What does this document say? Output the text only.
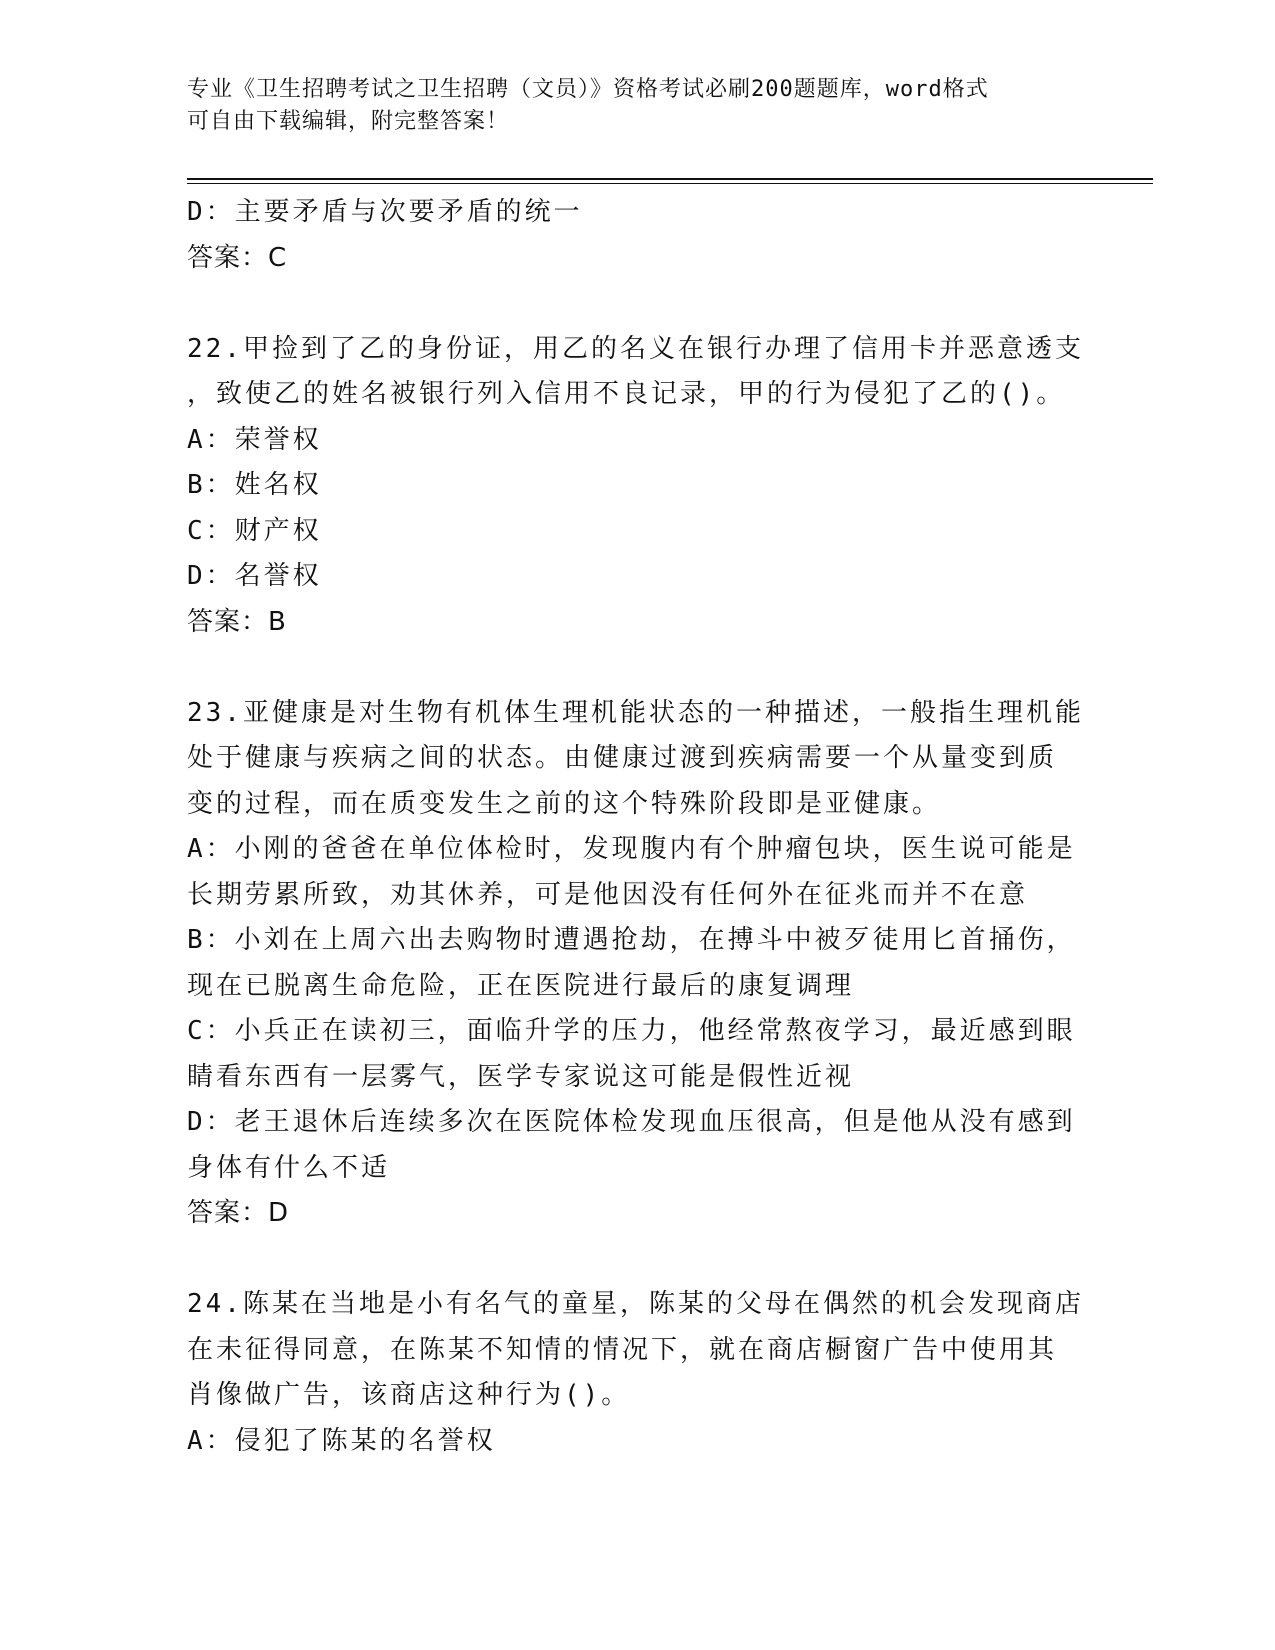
专业《卫生招聘考试之卫生招聘（文员）》资格考试必刷200题题库，word格式
可自由下载编辑，附完整答案！
D：主要矛盾与次要矛盾的统一
答案：C
22.甲捡到了乙的身份证，用乙的名义在银行办理了信用卡并恶意透支
，致使乙的姓名被银行列入信用不良记录，甲的行为侵犯了乙的()。
A：荣誉权
B：姓名权
C：财产权
D：名誉权
答案：B
23.亚健康是对生物有机体生理机能状态的一种描述，一般指生理机能
处于健康与疾病之间的状态。由健康过渡到疾病需要一个从量变到质
变的过程，而在质变发生之前的这个特殊阶段即是亚健康。
A：小刚的爸爸在单位体检时，发现腹内有个肿瘤包块，医生说可能是
长期劳累所致，劝其休养，可是他因没有任何外在征兆而并不在意
B：小刘在上周六出去购物时遭遇抢劫，在搏斗中被歹徒用匕首捅伤，
现在已脱离生命危险，正在医院进行最后的康复调理
C：小兵正在读初三，面临升学的压力，他经常熬夜学习，最近感到眼
睛看东西有一层雾气，医学专家说这可能是假性近视
D：老王退休后连续多次在医院体检发现血压很高，但是他从没有感到
身体有什么不适
答案：D
24.陈某在当地是小有名气的童星，陈某的父母在偶然的机会发现商店
在未征得同意，在陈某不知情的情况下，就在商店橱窗广告中使用其
肖像做广告，该商店这种行为()。
A：侵犯了陈某的名誉权
